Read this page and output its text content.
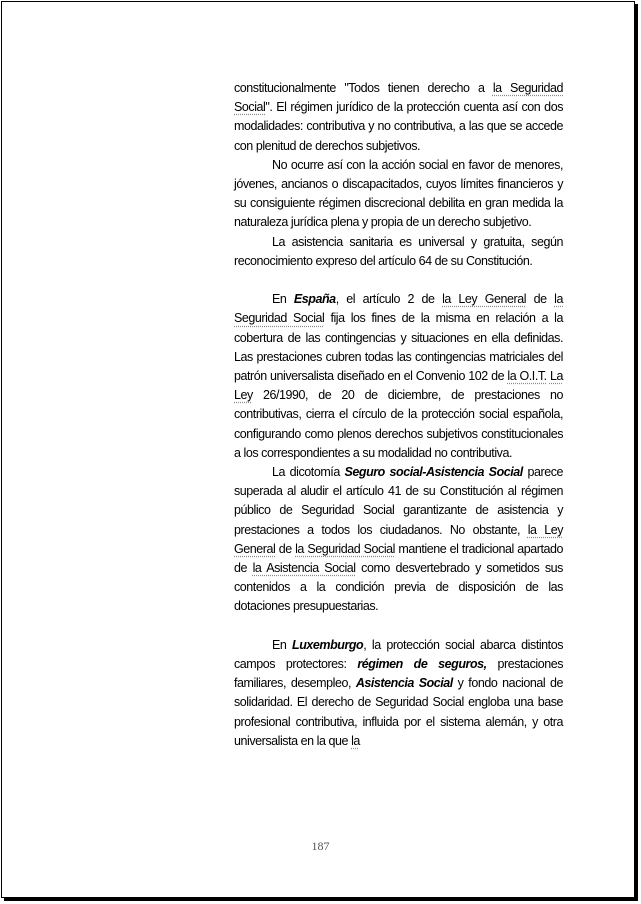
constitucionalmente "Todos tienen derecho a la Seguridad Social". El régimen jurídico de la protección cuenta así con dos modalidades: contributiva y no contributiva, a las que se accede con plenitud de derechos subjetivos.

No ocurre así con la acción social en favor de menores, jóvenes, ancianos o discapacitados, cuyos límites financieros y su consiguiente régimen discrecional debilita en gran medida la naturaleza jurídica plena y propia de un derecho subjetivo.

La asistencia sanitaria es universal y gratuita, según reconocimiento expreso del artículo 64 de su Constitución.

En España, el artículo 2 de la Ley General de la Seguridad Social fija los fines de la misma en relación a la cobertura de las contingencias y situaciones en ella definidas. Las prestaciones cubren todas las contingencias matriciales del patrón universalista diseñado en el Convenio 102 de la O.I.T. La Ley 26/1990, de 20 de diciembre, de prestaciones no contributivas, cierra el círculo de la protección social española, configurando como plenos derechos subjetivos constitucionales a los correspondientes a su modalidad no contributiva.

La dicotomía Seguro social-Asistencia Social parece superada al aludir el artículo 41 de su Constitución al régimen público de Seguridad Social garantizante de asistencia y prestaciones a todos los ciudadanos. No obstante, la Ley General de la Seguridad Social mantiene el tradicional apartado de la Asistencia Social como desvertebrado y sometidos sus contenidos a la condición previa de disposición de las dotaciones presupuestarias.

En Luxemburgo, la protección social abarca distintos campos protectores: régimen de seguros, prestaciones familiares, desempleo, Asistencia Social y fondo nacional de solidaridad. El derecho de Seguridad Social engloba una base profesional contributiva, influida por el sistema alemán, y otra universalista en la que la

187
